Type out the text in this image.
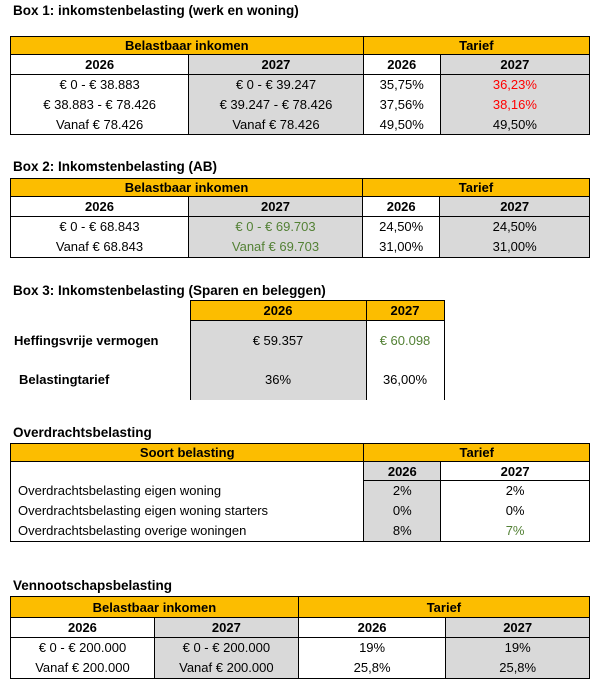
Box 1: inkomstenbelasting (werk en woning)
Belastbaar inkomen		Tarief	
2026	2027	2026	2027
€ 0 - € 38.883	€ 0 - € 39.247	35,75%	36,23%
€ 38.883 - € 78.426	€ 39.247 - € 78.426	37,56%	38,16%
Vanaf € 78.426	Vanaf € 78.426	49,50%	49,50%
Box 2: Inkomstenbelasting (AB)
Belastbaar inkomen		Tarief	
2026	2027	2026	2027
€ 0 - € 68.843	€ 0 - € 69.703	24,50%	24,50%
Vanaf € 68.843	Vanaf € 69.703	31,00%	31,00%
Box 3: Inkomstenbelasting (Sparen en beleggen)
	2026	2027
Heffingsvrije vermogen	€ 59.357	€ 60.098
Belastingtarief	36%	36,00%
Overdrachtsbelasting
Soort belasting	Tarief	
	2026	2027
Overdrachtsbelasting eigen woning	2%	2%
Overdrachtsbelasting eigen woning starters	0%	0%
Overdrachtsbelasting overige woningen	8%	7%
Vennootschapsbelasting
Belastbaar inkomen		Tarief	
2026	2027	2026	2027
€ 0 - € 200.000	€ 0 - € 200.000	19%	19%
Vanaf € 200.000	Vanaf € 200.000	25,8%	25,8%
